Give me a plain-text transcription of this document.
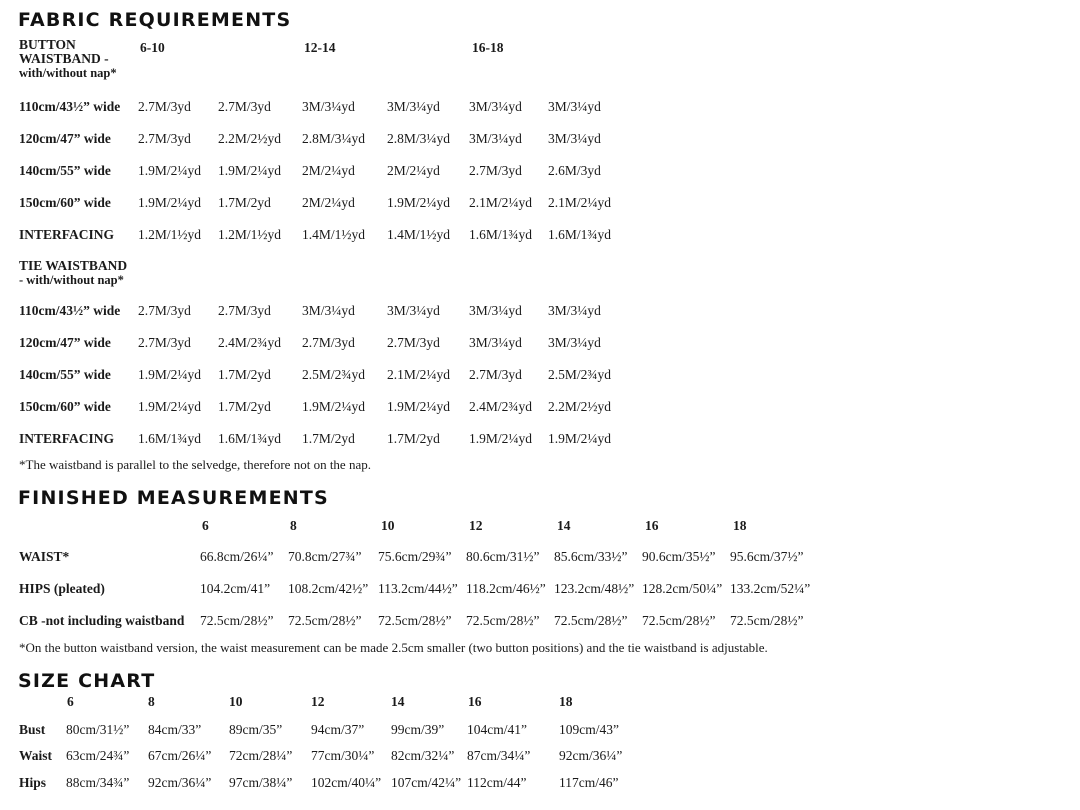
FABRIC REQUIREMENTS
BUTTON
WAISTBAND -
with/without nap*
6-10	12-14	16-18
110cm/43½” wide 2.7M/3yd 2.7M/3yd 3M/3¼yd 3M/3¼yd 3M/3¼yd 3M/3¼yd
120cm/47” wide 2.7M/3yd 2.2M/2½yd 2.8M/3¼yd 2.8M/3¼yd 3M/3¼yd 3M/3¼yd
140cm/55” wide 1.9M/2¼yd 1.9M/2¼yd 2M/2¼yd 2M/2¼yd 2.7M/3yd 2.6M/3yd
150cm/60” wide 1.9M/2¼yd 1.7M/2yd 2M/2¼yd 1.9M/2¼yd 2.1M/2¼yd 2.1M/2¼yd
INTERFACING 1.2M/1½yd 1.2M/1½yd 1.4M/1½yd 1.4M/1½yd 1.6M/1¾yd 1.6M/1¾yd
TIE WAISTBAND
- with/without nap*
110cm/43½” wide 2.7M/3yd 2.7M/3yd 3M/3¼yd 3M/3¼yd 3M/3¼yd 3M/3¼yd
120cm/47” wide 2.7M/3yd 2.4M/2¾yd 2.7M/3yd 2.7M/3yd 3M/3¼yd 3M/3¼yd
140cm/55” wide 1.9M/2¼yd 1.7M/2yd 2.5M/2¾yd 2.1M/2¼yd 2.7M/3yd 2.5M/2¾yd
150cm/60” wide 1.9M/2¼yd 1.7M/2yd 1.9M/2¼yd 1.9M/2¼yd 2.4M/2¾yd 2.2M/2½yd
INTERFACING 1.6M/1¾yd 1.6M/1¾yd 1.7M/2yd 1.7M/2yd 1.9M/2¼yd 1.9M/2¼yd
*The waistband is parallel to the selvedge, therefore not on the nap.
FINISHED MEASUREMENTS
6	8	10	12	14	16	18
WAIST*	66.8cm/26¼” 70.8cm/27¾” 75.6cm/29¾” 80.6cm/31½” 85.6cm/33½” 90.6cm/35½” 95.6cm/37½”
HIPS (pleated)	104.2cm/41” 108.2cm/42½” 113.2cm/44½” 118.2cm/46½” 123.2cm/48½” 128.2cm/50¼” 133.2cm/52¼”
CB -not including waistband 72.5cm/28½” 72.5cm/28½” 72.5cm/28½” 72.5cm/28½” 72.5cm/28½” 72.5cm/28½” 72.5cm/28½”
*On the button waistband version, the waist measurement can be made 2.5cm smaller (two button positions) and the tie waistband is adjustable.
SIZE CHART
6	8	10	12	14	16	18
Bust 80cm/31½” 84cm/33” 89cm/35” 94cm/37” 99cm/39” 104cm/41” 109cm/43”
Waist 63cm/24¾” 67cm/26¼” 72cm/28¼” 77cm/30¼” 82cm/32¼” 87cm/34¼” 92cm/36¼”
Hips 88cm/34¾” 92cm/36¼” 97cm/38¼” 102cm/40¼” 107cm/42¼” 112cm/44” 117cm/46”
